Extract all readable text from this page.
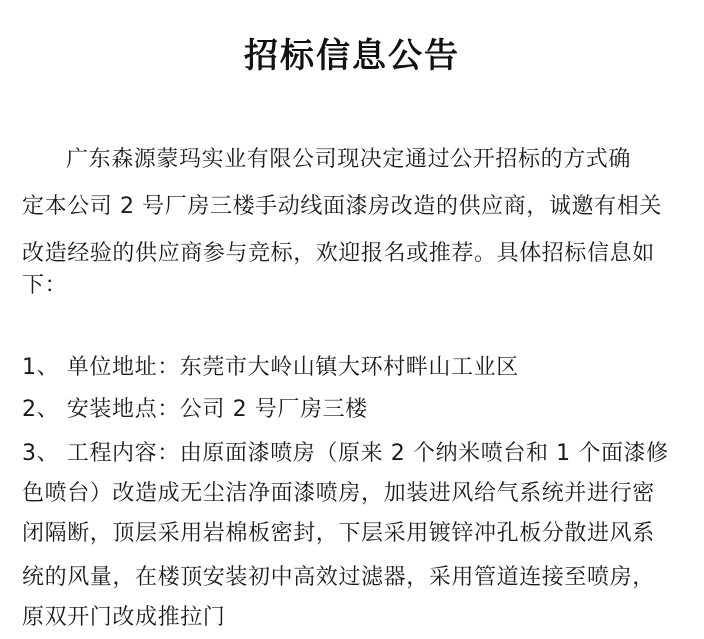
招标信息公告
广东森源蒙玛实业有限公司现决定通过公开招标的方式确
定本公司 2 号厂房三楼手动线面漆房改造的供应商，诚邀有相关
改造经验的供应商参与竞标，欢迎报名或推荐。具体招标信息如
下：
1、 单位地址：东莞市大岭山镇大环村畔山工业区
2、 安装地点：公司 2 号厂房三楼
3、 工程内容：由原面漆喷房（原来 2 个纳米喷台和 1 个面漆修
色喷台）改造成无尘洁净面漆喷房，加装进风给气系统并进行密
闭隔断，顶层采用岩棉板密封，下层采用镀锌冲孔板分散进风系
统的风量，在楼顶安装初中高效过滤器，采用管道连接至喷房，
原双开门改成推拉门
